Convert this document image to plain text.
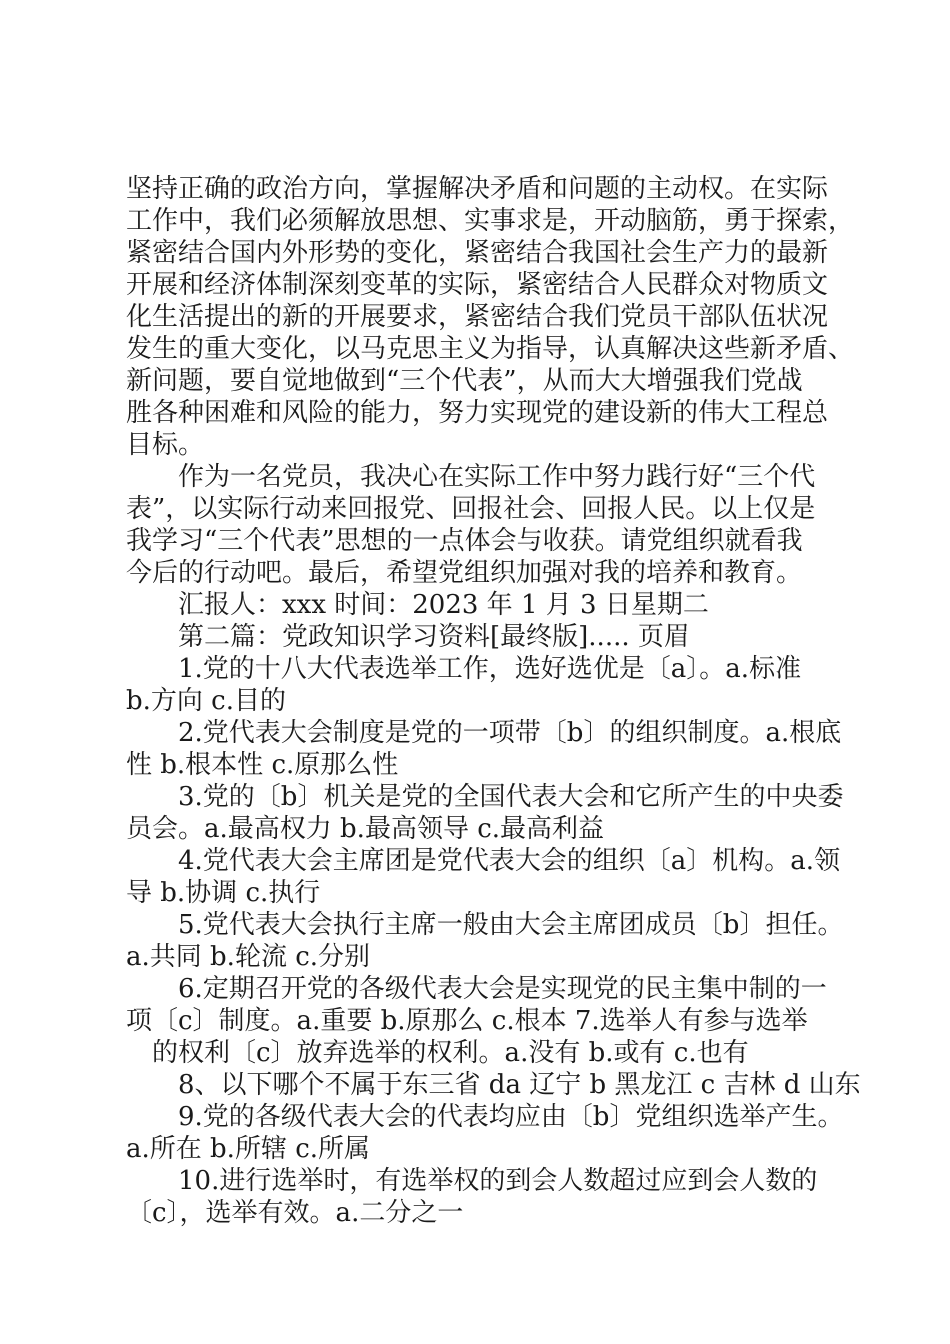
坚持正确的政治方向，掌握解决矛盾和问题的主动权。在实际
工作中，我们必须解放思想、实事求是，开动脑筋，勇于探索，
紧密结合国内外形势的变化，紧密结合我国社会生产力的最新
开展和经济体制深刻变革的实际，紧密结合人民群众对物质文
化生活提出的新的开展要求，紧密结合我们党员干部队伍状况
发生的重大变化，以马克思主义为指导，认真解决这些新矛盾、
新问题，要自觉地做到“三个代表”，从而大大增强我们党战
胜各种困难和风险的能力，努力实现党的建设新的伟大工程总
目标。
作为一名党员，我决心在实际工作中努力践行好“三个代
表”，以实际行动来回报党、回报社会、回报人民。以上仅是
我学习“三个代表”思想的一点体会与收获。请党组织就看我
今后的行动吧。最后，希望党组织加强对我的培养和教育。
汇报人：xxx 时间：2023 年 1 月 3 日星期二
第二篇：党政知识学习资料[最终版]..... 页眉
1.党的十八大代表选举工作，选好选优是〔a〕。a.标准
b.方向 c.目的
2.党代表大会制度是党的一项带〔b〕的组织制度。a.根底
性 b.根本性 c.原那么性
3.党的〔b〕机关是党的全国代表大会和它所产生的中央委
员会。a.最高权力 b.最高领导 c.最高利益
4.党代表大会主席团是党代表大会的组织〔a〕机构。a.领
导 b.协调 c.执行
5.党代表大会执行主席一般由大会主席团成员〔b〕担任。
a.共同 b.轮流 c.分别
6.定期召开党的各级代表大会是实现党的民主集中制的一
项〔c〕制度。a.重要 b.原那么 c.根本 7.选举人有参与选举
的权利〔c〕放弃选举的权利。a.没有 b.或有 c.也有
8、以下哪个不属于东三省 da 辽宁 b 黑龙江 c 吉林 d 山东
9.党的各级代表大会的代表均应由〔b〕党组织选举产生。
a.所在 b.所辖 c.所属
10.进行选举时，有选举权的到会人数超过应到会人数的
〔c〕，选举有效。a.二分之一
